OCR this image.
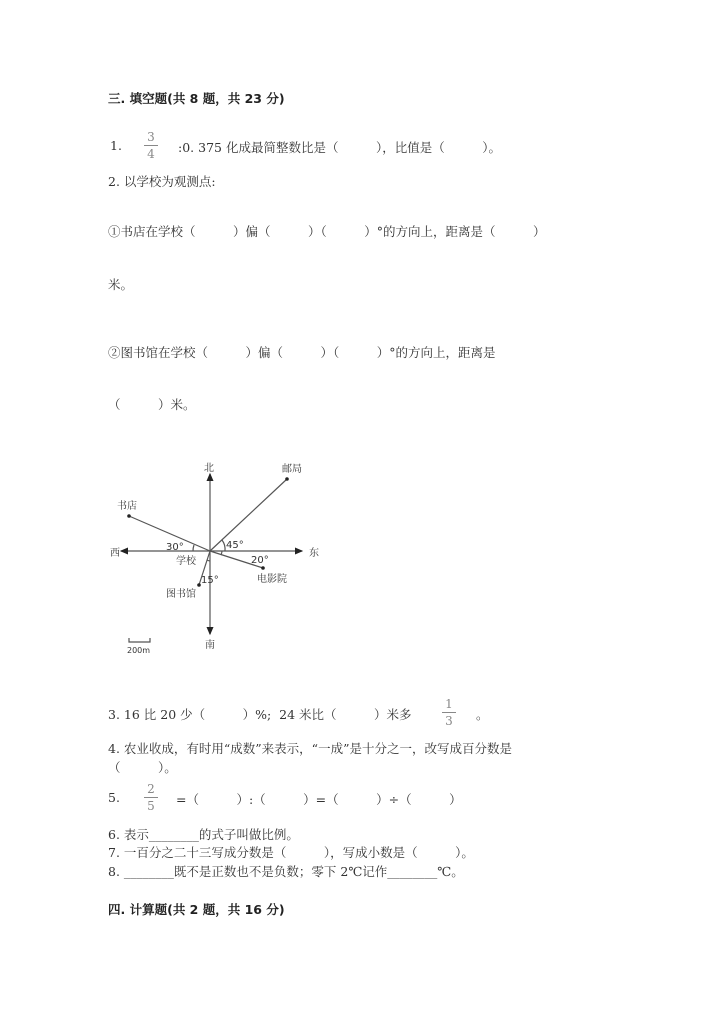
三. 填空题(共 8 题，共 23 分)
1.
3
4 :0. 375 化成最简整数比是（　　　），比值是（　　　）。
2. 以学校为观测点:
①书店在学校（　　　）偏（　　　）（　　　）°的方向上，距离是（　　　）
米。
②图书馆在学校（　　　）偏（　　　）（　　　）°的方向上，距离是
（　　　）米。
北	邮局
书店
西	东
30°	45°
20°
学校
电影院
15°
图书馆
南
200m
3. 16 比 20 少（　　　）%;  24 米比（　　　）米多
1
3 。
4. 农业收成，有时用“成数”来表示，“一成”是十分之一，改写成百分数是
（　　　）。
5.
2
5 =（　　　）:（　　　）=（　　　）÷（　　　）
6. 表示________的式子叫做比例。
7. 一百分之二十三写成分数是（　　　），写成小数是（　　　）。
8. ________既不是正数也不是负数；零下 2℃记作________℃。
四. 计算题(共 2 题，共 16 分)
